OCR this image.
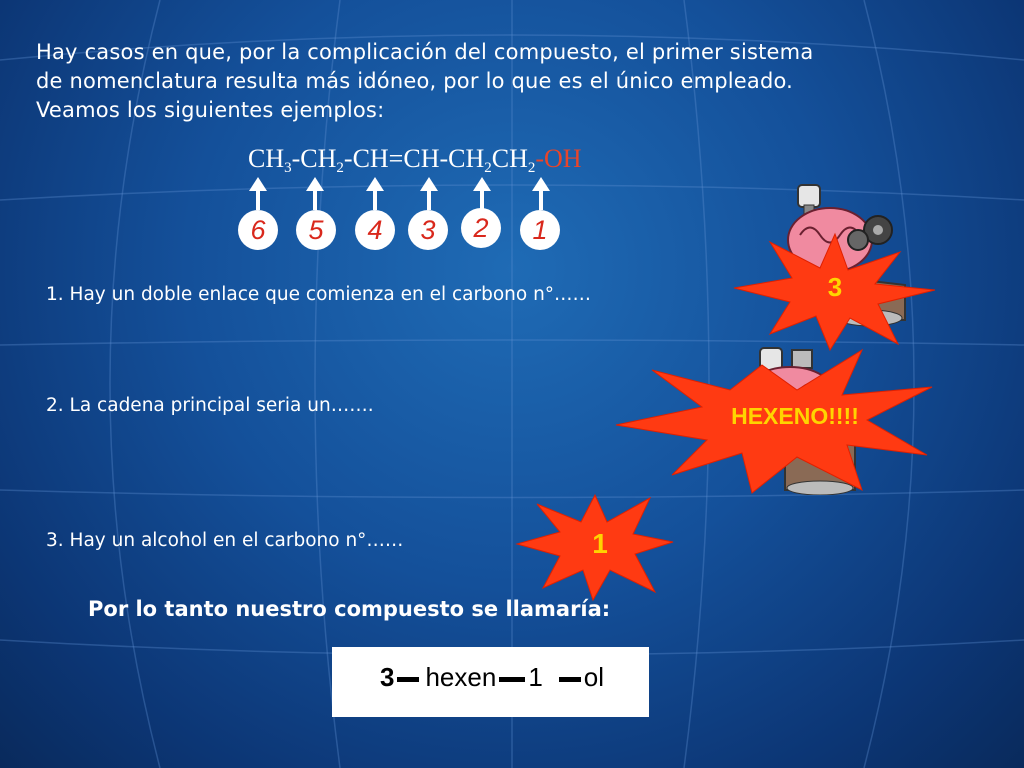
Hay casos en que, por la complicación del compuesto, el primer sistema
de nomenclatura resulta más idóneo, por lo que es el único empleado.
Veamos los siguientes ejemplos:
$CH_3-CH_2-CH=CH-CH_2CH_2-OH$
6	5	4	3	2	1
1. Hay un doble enlace que comienza en el carbono n°……
2. La cadena principal seria un…….
3. Hay un alcohol en el carbono n°……
3
HEXENO!!!!
1
Por lo tanto nuestro compuesto se llamaría:
3 hexen 1 ol
